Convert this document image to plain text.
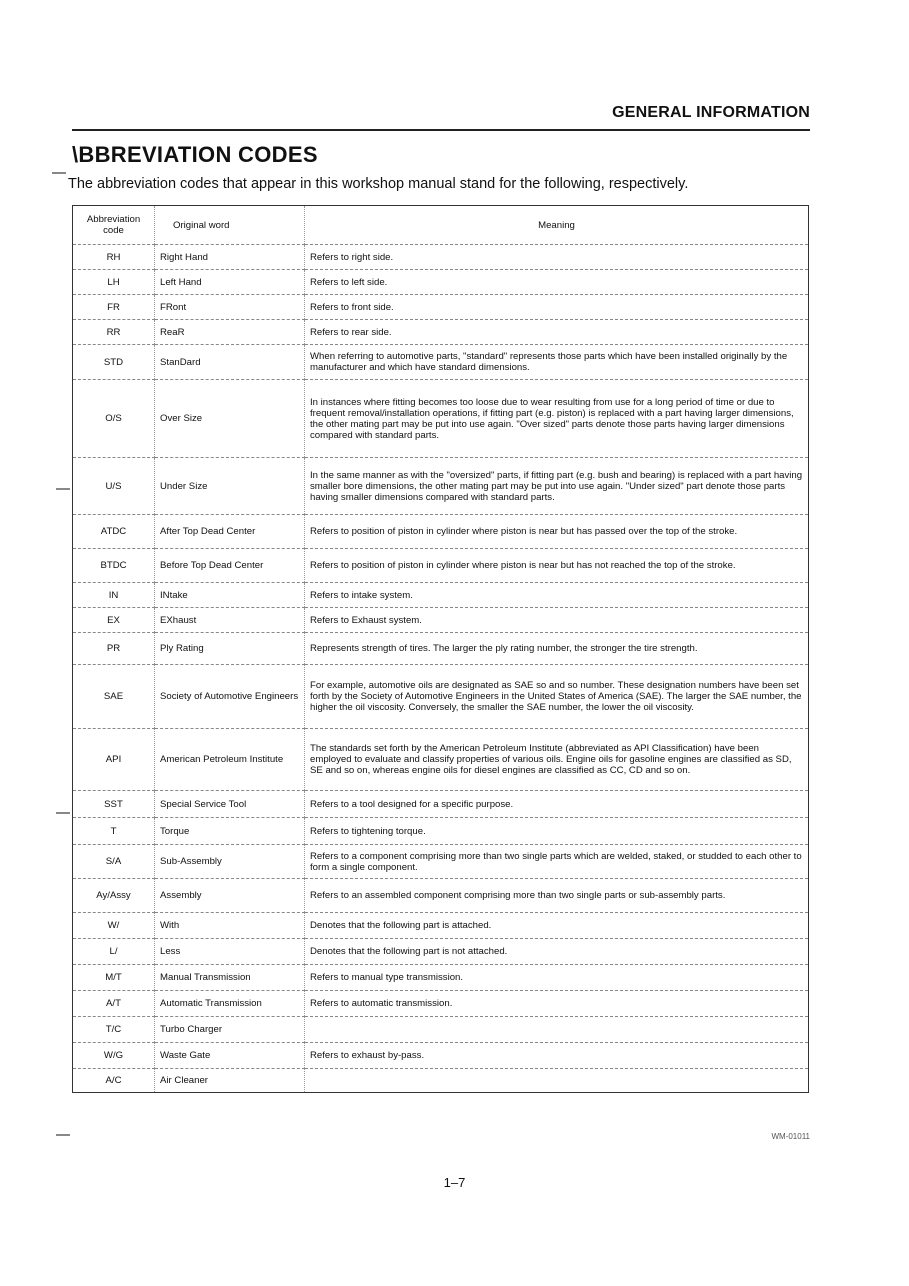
GENERAL INFORMATION
\BBREVIATION CODES
The abbreviation codes that appear in this workshop manual stand for the following, respectively.
Abbreviation code	Original word	Meaning
RH	Right Hand	Refers to right side.
LH	Left Hand	Refers to left side.
FR	FRont	Refers to front side.
RR	ReaR	Refers to rear side.
STD	StanDard	When referring to automotive parts, "standard" represents those parts which have been installed originally by the manufacturer and which have standard dimensions.
O/S	Over Size	In instances where fitting becomes too loose due to wear resulting from use for a long period of time or due to frequent removal/installation operations, if fitting part (e.g. piston) is replaced with a part having larger dimensions, the other mating part may be put into use again. "Over sized" parts denote those parts having larger dimensions compared with standard parts.
U/S	Under Size	In the same manner as with the "oversized" parts, if fitting part (e.g. bush and bearing) is replaced with a part having smaller bore dimensions, the other mating part may be put into use again. "Under sized" part denote those parts having smaller dimensions compared with standard parts.
ATDC	After Top Dead Center	Refers to position of piston in cylinder where piston is near but has passed over the top of the stroke.
BTDC	Before Top Dead Center	Refers to position of piston in cylinder where piston is near but has not reached the top of the stroke.
IN	INtake	Refers to intake system.
EX	EXhaust	Refers to Exhaust system.
PR	Ply Rating	Represents strength of tires. The larger the ply rating number, the stronger the tire strength.
SAE	Society of Automotive Engineers	For example, automotive oils are designated as SAE so and so number. These designation numbers have been set forth by the Society of Automotive Engineers in the United States of America (SAE). The larger the SAE number, the higher the oil viscosity. Conversely, the smaller the SAE number, the lower the oil viscosity.
API	American Petroleum Institute	The standards set forth by the American Petroleum Institute (abbreviated as API Classification) have been employed to evaluate and classify properties of various oils. Engine oils for gasoline engines are classified as SD, SE and so on, whereas engine oils for diesel engines are classified as CC, CD and so on.
SST	Special Service Tool	Refers to a tool designed for a specific purpose.
T	Torque	Refers to tightening torque.
S/A	Sub-Assembly	Refers to a component comprising more than two single parts which are welded, staked, or studded to each other to form a single component.
Ay/Assy	Assembly	Refers to an assembled component comprising more than two single parts or sub-assembly parts.
W/	With	Denotes that the following part is attached.
L/	Less	Denotes that the following part is not attached.
M/T	Manual Transmission	Refers to manual type transmission.
A/T	Automatic Transmission	Refers to automatic transmission.
T/C	Turbo Charger	
W/G	Waste Gate	Refers to exhaust by-pass.
A/C	Air Cleaner	
WM-01011
1–7
